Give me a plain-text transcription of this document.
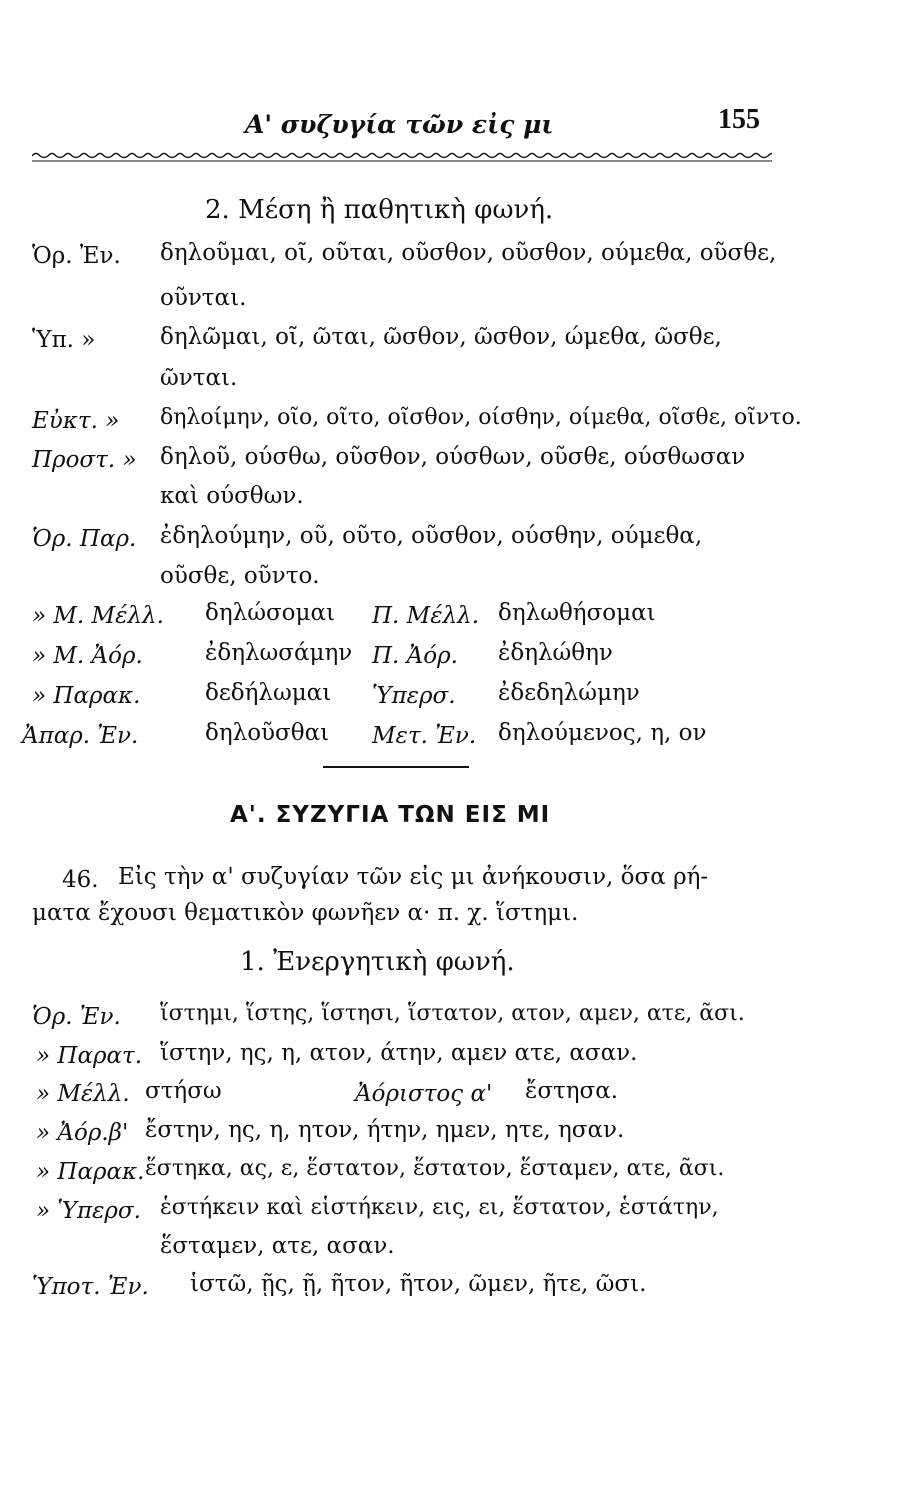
Α' συζυγία τῶν εἰς μι	155
2. Μέση ἢ παθητικὴ φωνή.
Ὁρ. Ἐν. δηλοῦμαι, οῖ, οῦται, οῦσθον, οῦσθον, ούμεθα, οῦσθε,
οῦνται.
Ὑπ. »	δηλῶμαι, οῖ, ῶται, ῶσθον, ῶσθον, ώμεθα, ῶσθε,
ῶνται.
Εὐκτ. » δηλοίμην, οῖο, οῖτο, οῖσθον, οίσθην, οίμεθα, οῖσθε, οῖντο.
Προστ. » δηλοῦ, ούσθω, οῦσθον, ούσθων, οῦσθε, ούσθωσαν
καὶ ούσθων.
Ὁρ. Παρ. ἐδηλούμην, οῦ, οῦτο, οῦσθον, ούσθην, ούμεθα,
οῦσθε, οῦντο.
» Μ. Μέλλ. δηλώσομαι Π. Μέλλ. δηλωθήσομαι
» Μ. Ἀόρ.	ἐδηλωσάμην Π. Ἀόρ. ἐδηλώθην
» Παρακ.	δεδήλωμαι Ὑπερσ. ἐδεδηλώμην
Ἀπαρ. Ἐν.	δηλοῦσθαι Μετ. Ἐν. δηλούμενος, η, ον
Α'. ΣΥΖΥΓΙΑ ΤΩΝ ΕΙΣ ΜΙ
46. Εἰς τὴν α' συζυγίαν τῶν εἰς μι ἀνήκουσιν, ὅσα ρή-
ματα ἔχουσι θεματικὸν φωνῆεν α· π. χ. ἵστημι.
1. Ἐνεργητικὴ φωνή.
Ὁρ. Ἐν. ἵστημι, ἵστης, ἵστησι, ἵστατον, ατον, αμεν, ατε, ᾶσι.
» Παρατ. ἵστην, ης, η, ατον, άτην, αμεν ατε, ασαν.
» Μέλλ. στήσω	Ἀόριστος α' ἔστησα.
» Ἀόρ.β' ἔστην, ης, η, ητον, ήτην, ημεν, ητε, ησαν.
» Παρακ. ἕστηκα, ας, ε, ἕστατον, ἕστατον, ἕσταμεν, ατε, ᾶσι.
» Ὑπερσ. ἑστήκειν καὶ εἱστήκειν, εις, ει, ἕστατον, ἑστάτην,
ἕσταμεν, ατε, ασαν.
Ὑποτ. Ἐν. ἱστῶ, ῇς, ῇ, ῆτον, ῆτον, ῶμεν, ῆτε, ῶσι.
